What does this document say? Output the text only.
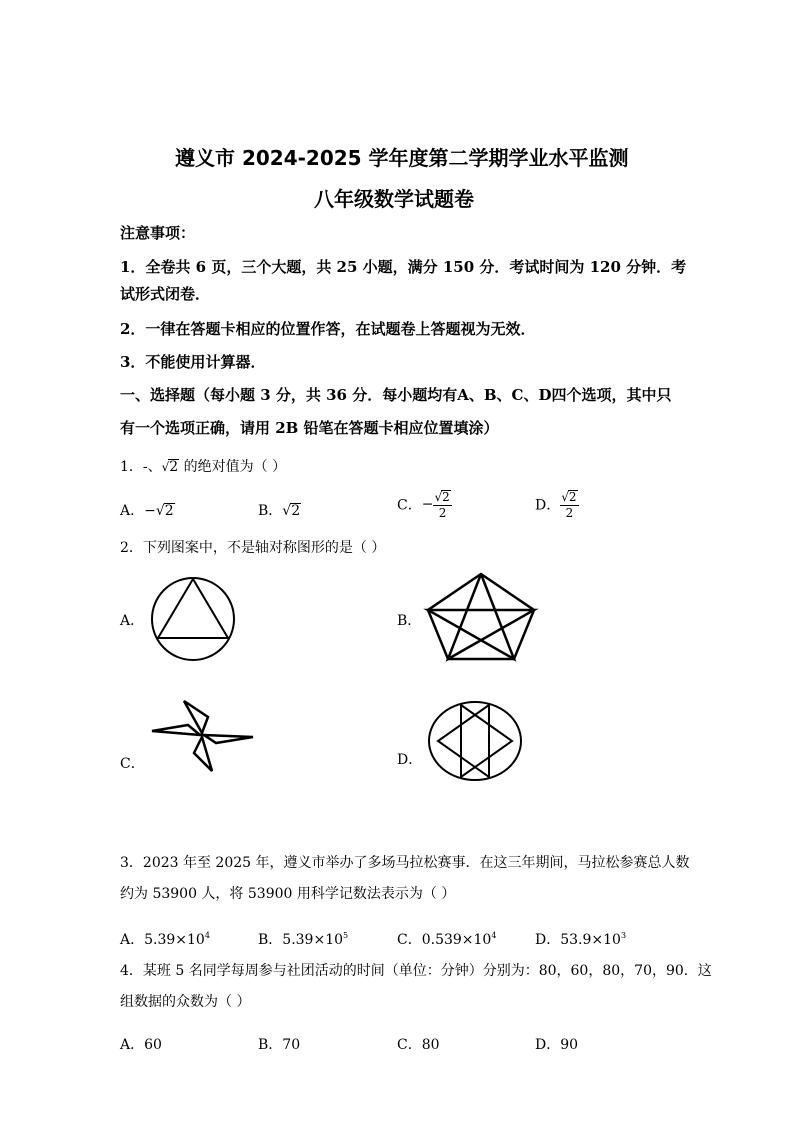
遵义市 2024-2025 学年度第二学期学业水平监测
八年级数学试题卷
注意事项：
1．全卷共 6 页，三个大题，共 25 小题，满分 150 分．考试时间为 120 分钟．考
试形式闭卷．
2．一律在答题卡相应的位置作答，在试题卷上答题视为无效．
3．不能使用计算器．
一、选择题（每小题 3 分，共 36 分．每小题均有A、B、C、D四个选项，其中只
有一个选项正确，请用 2B 铅笔在答题卡相应位置填涂）
1．-、√2 的绝对值为（ ）
A．−√2	B．√2	C．− $\frac{√2}{2}$	D． $\frac{√2}{2}$
2．下列图案中，不是轴对称图形的是（ ）
A．	B．
C．	D．
3．2023 年至 2025 年，遵义市举办了多场马拉松赛事．在这三年期间，马拉松参赛总人数
约为 53900 人，将 53900 用科学记数法表示为（ ）
A．$5.39\times 10^4$	B．$5.39\times 10^5$	C．$0.539\times 10^4$	D．$53.9\times 10^3$
4．某班 5 名同学每周参与社团活动的时间（单位：分钟）分别为：80，60，80，70，90．这
组数据的众数为（ ）
A．60	B．70	C．80	D．90
